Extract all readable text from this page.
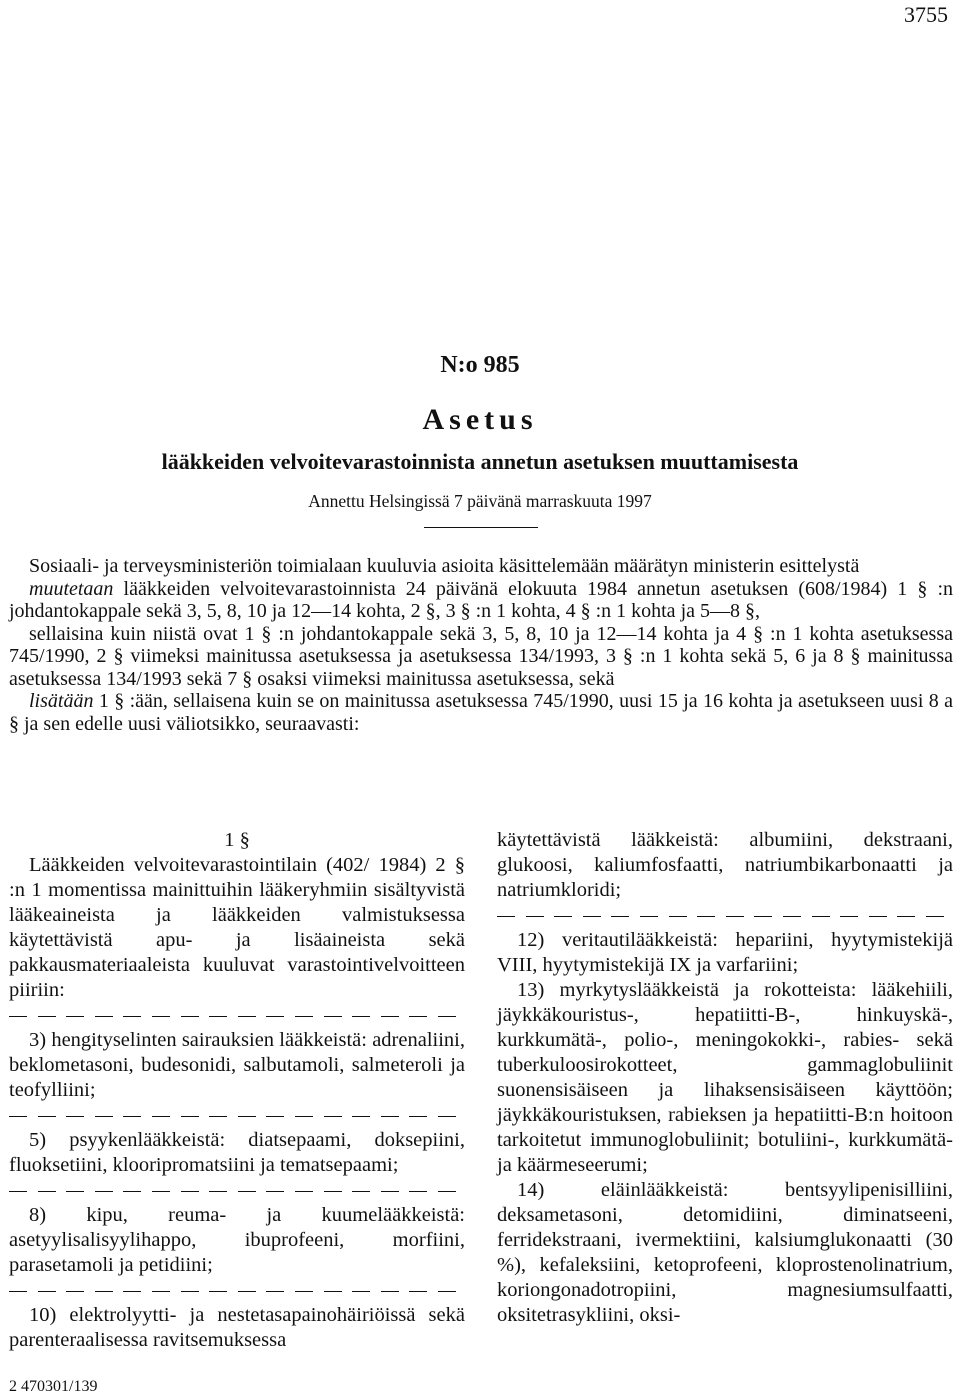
3755
N:o 985
Asetus
lääkkeiden velvoitevarastoinnista annetun asetuksen muuttamisesta
Annettu Helsingissä 7 päivänä marraskuuta 1997

Sosiaali- ja terveysministeriön toimialaan kuuluvia asioita käsittelemään määrätyn ministerin esittelystä

muutetaan lääkkeiden velvoitevarastoinnista 24 päivänä elokuuta 1984 annetun asetuksen (608/1984) 1 § :n johdantokappale sekä 3, 5, 8, 10 ja 12—14 kohta, 2 §, 3 § :n 1 kohta, 4 § :n 1 kohta ja 5—8 §,

sellaisina kuin niistä ovat 1 § :n johdantokappale sekä 3, 5, 8, 10 ja 12—14 kohta ja 4 § :n 1 kohta asetuksessa 745/1990, 2 § viimeksi mainitussa asetuksessa ja asetuksessa 134/1993, 3 § :n 1 kohta sekä 5, 6 ja 8 § mainitussa asetuksessa 134/1993 sekä 7 § osaksi viimeksi mainitussa asetuksessa, sekä

lisätään 1 § :ään, sellaisena kuin se on mainitussa asetuksessa 745/1990, uusi 15 ja 16 kohta ja asetukseen uusi 8 a § ja sen edelle uusi väliotsikko, seuraavasti:

1 §

Lääkkeiden velvoitevarastointilain (402/ 1984) 2 § :n 1 momentissa mainittuihin lääkeryhmiin sisältyvistä lääkeaineista ja lääkkeiden valmistuksessa käytettävistä apu- ja lisäaineista sekä pakkausmateriaaleista kuuluvat varastointivelvoitteen piiriin:

3) hengityselinten sairauksien lääkkeistä: adrenaliini, beklometasoni, budesonidi, salbutamoli, salmeteroli ja teofylliini;

5) psyykenlääkkeistä: diatsepaami, doksepiini, fluoksetiini, klooripromatsiini ja tematsepaami;

8) kipu, reuma- ja kuumelääkkeistä: asetyylisalisyylihappo, ibuprofeeni, morfiini, parasetamoli ja petidiini;

10) elektrolyytti- ja nestetasapainohäiriöissä sekä parenteraalisessa ravitsemuksessa

käytettävistä lääkkeistä: albumiini, dekstraani, glukoosi, kaliumfosfaatti, natriumbikarbonaatti ja natriumkloridi;

12) veritautilääkkeistä: hepariini, hyytymistekijä VIII, hyytymistekijä IX ja varfariini;

13) myrkytyslääkkeistä ja rokotteista: lääkehiili, jäykkäkouristus-, hepatiitti-B-, hinkuyskä-, kurkkumätä-, polio-, meningokokki-, rabies- sekä tuberkuloosirokotteet, gammaglobuliinit suonensisäiseen ja lihaksensisäiseen käyttöön; jäykkäkouristuksen, rabieksen ja hepatiitti-B:n hoitoon tarkoitetut immunoglobuliinit; botuliini-, kurkkumätä- ja käärmeseerumi;

14) eläinlääkkeistä: bentsyylipenisilliini, deksametasoni, detomidiini, diminatseeni, ferridekstraani, ivermektiini, kalsiumglukonaatti (30 %), kefaleksiini, ketoprofeeni, kloprostenolinatrium, koriongonadotropiini, magnesiumsulfaatti, oksitetrasykliini, oksi-

2 470301/139
